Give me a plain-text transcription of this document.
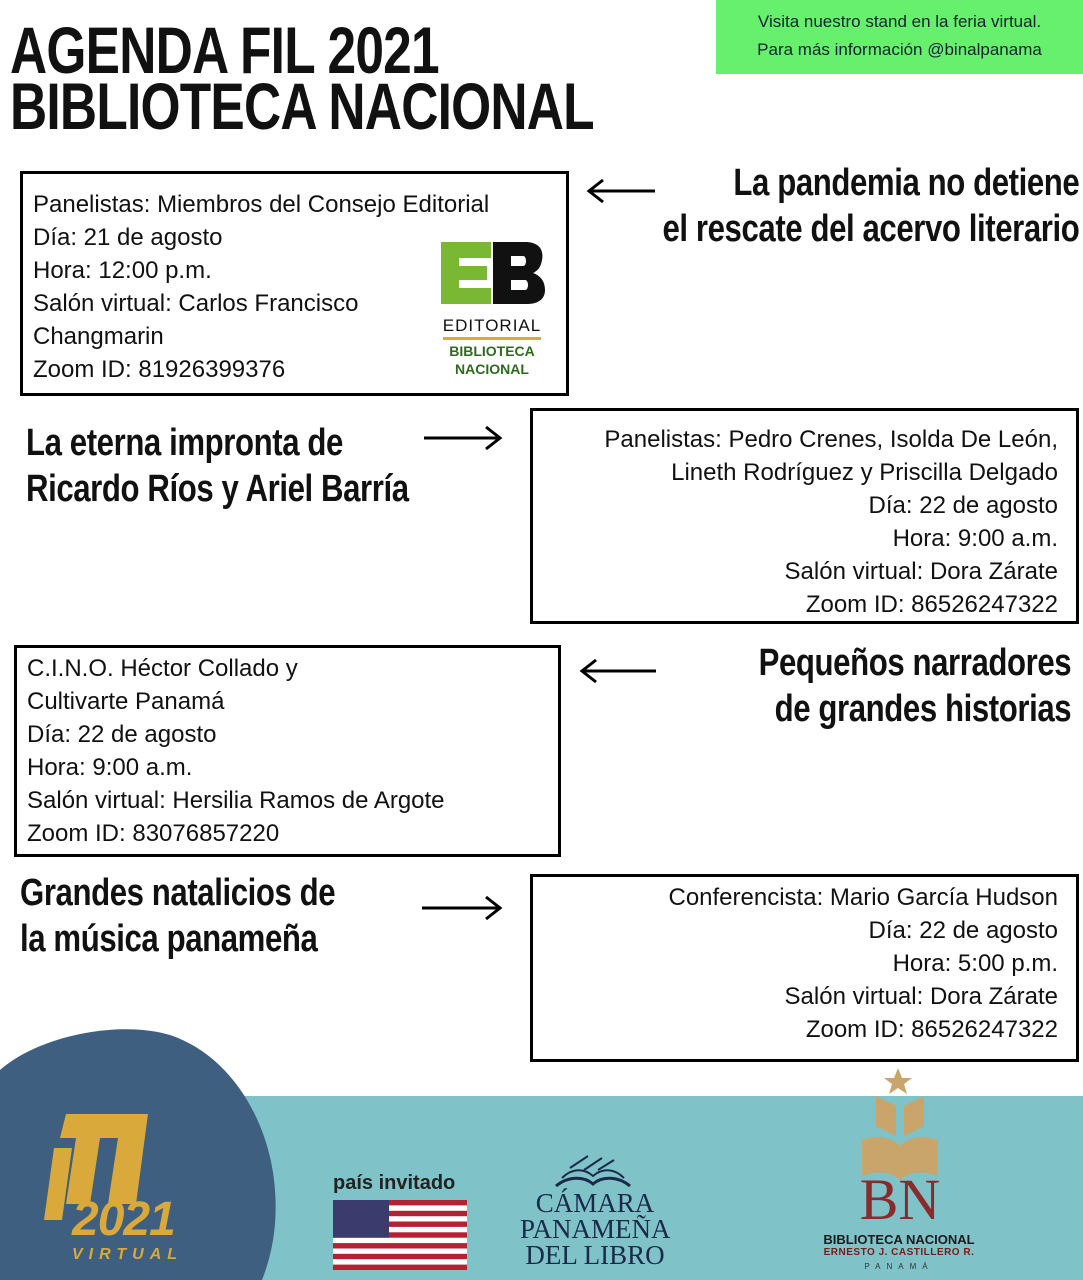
AGENDA FIL 2021
BIBLIOTECA NACIONAL
Visita nuestro stand en la feria virtual.
Para más información @binalpanama
Panelistas: Miembros del Consejo Editorial
Día: 21 de agosto
Hora: 12:00 p.m.
Salón virtual: Carlos Francisco
Changmarin
Zoom ID: 81926399376
EDITORIAL
BIBLIOTECA
NACIONAL
La pandemia no detiene
el rescate del acervo literario
La eterna impronta de
Ricardo Ríos y Ariel Barría
Panelistas: Pedro Crenes, Isolda De León,
Lineth Rodríguez y Priscilla Delgado
Día: 22 de agosto
Hora: 9:00 a.m.
Salón virtual: Dora Zárate
Zoom ID: 86526247322
C.I.N.O. Héctor Collado y
Cultivarte Panamá
Día: 22 de agosto
Hora: 9:00 a.m.
Salón virtual: Hersilia Ramos de Argote
Zoom ID: 83076857220
Pequeños narradores
de grandes historias
Grandes natalicios de
la música panameña
Conferencista: Mario García Hudson
Día: 22 de agosto
Hora: 5:00 p.m.
Salón virtual: Dora Zárate
Zoom ID: 86526247322
2021
VIRTUAL
país invitado
CÁMARA
PANAMEÑA
DEL LIBRO
BN
BIBLIOTECA NACIONAL
ERNESTO J. CASTILLERO R.
PANAMÁ
